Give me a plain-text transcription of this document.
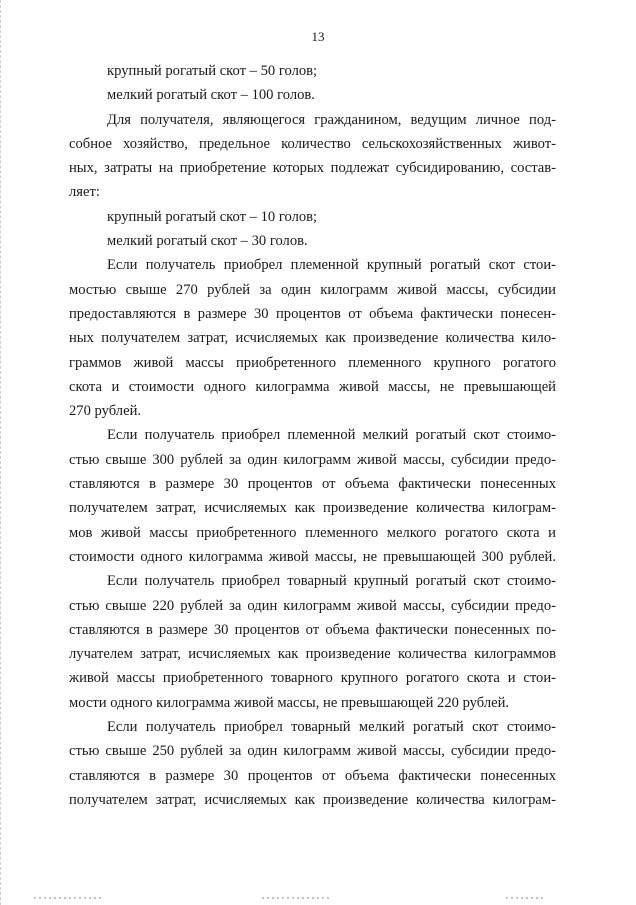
13
крупный рогатый скот – 50 голов;
мелкий рогатый скот – 100 голов.
Для получателя, являющегося гражданином, ведущим личное под-
собное хозяйство, предельное количество сельскохозяйственных живот-
ных, затраты на приобретение которых подлежат субсидированию, состав-
ляет:
крупный рогатый скот – 10 голов;
мелкий рогатый скот – 30 голов.
Если получатель приобрел племенной крупный рогатый скот стои-
мостью свыше 270 рублей за один килограмм живой массы, субсидии
предоставляются в размере 30 процентов от объема фактически понесен-
ных получателем затрат, исчисляемых как произведение количества кило-
граммов живой массы приобретенного племенного крупного рогатого
скота и стоимости одного килограмма живой массы, не превышающей
270 рублей.
Если получатель приобрел племенной мелкий рогатый скот стоимо-
стью свыше 300 рублей за один килограмм живой массы, субсидии предо-
ставляются в размере 30 процентов от объема фактически понесенных
получателем затрат, исчисляемых как произведение количества килограм-
мов живой массы приобретенного племенного мелкого рогатого скота и
стоимости одного килограмма живой массы, не превышающей 300 рублей.
Если получатель приобрел товарный крупный рогатый скот стоимо-
стью свыше 220 рублей за один килограмм живой массы, субсидии предо-
ставляются в размере 30 процентов от объема фактически понесенных по-
лучателем затрат, исчисляемых как произведение количества килограммов
живой массы приобретенного товарного крупного рогатого скота и стои-
мости одного килограмма живой массы, не превышающей 220 рублей.
Если получатель приобрел товарный мелкий рогатый скот стоимо-
стью свыше 250 рублей за один килограмм живой массы, субсидии предо-
ставляются в размере 30 процентов от объема фактически понесенных
получателем затрат, исчисляемых как произведение количества килограм-
